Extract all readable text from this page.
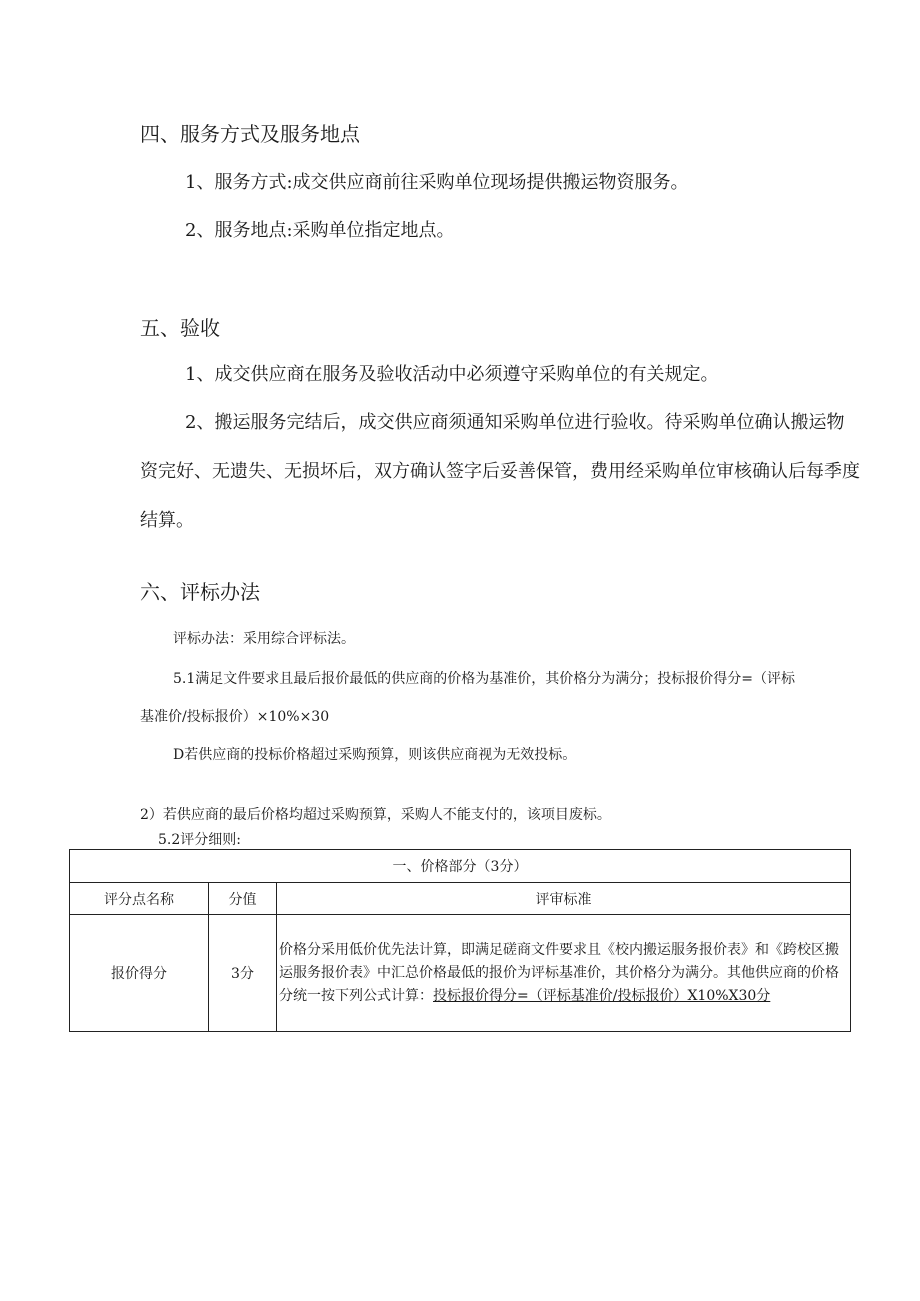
四、服务方式及服务地点
1、服务方式:成交供应商前往采购单位现场提供搬运物资服务。
2、服务地点:采购单位指定地点。
五、验收
1、成交供应商在服务及验收活动中必须遵守采购单位的有关规定。
2、搬运服务完结后，成交供应商须通知采购单位进行验收。待采购单位确认搬运物资完好、无遗失、无损坏后，双方确认签字后妥善保管，费用经采购单位审核确认后每季度结算。
六、评标办法
评标办法：采用综合评标法。
5.1满足文件要求且最后报价最低的供应商的价格为基准价，其价格分为满分；投标报价得分=（评标
基准价/投标报价）×10%×30
D若供应商的投标价格超过采购预算，则该供应商视为无效投标。
2）若供应商的最后价格均超过采购预算，采购人不能支付的，该项目废标。
5.2评分细则:
一、价格部分（3分）		
评分点名称	分值	评审标准
报价得分	3分	价格分采用低价优先法计算，即满足磋商文件要求且《校内搬运服务报价表》和《跨校区搬运服务报价表》中汇总价格最低的报价为评标基准价，其价格分为满分。其他供应商的价格分统一按下列公式计算：投标报价得分=（评标基准价/投标报价）X10%X30分
